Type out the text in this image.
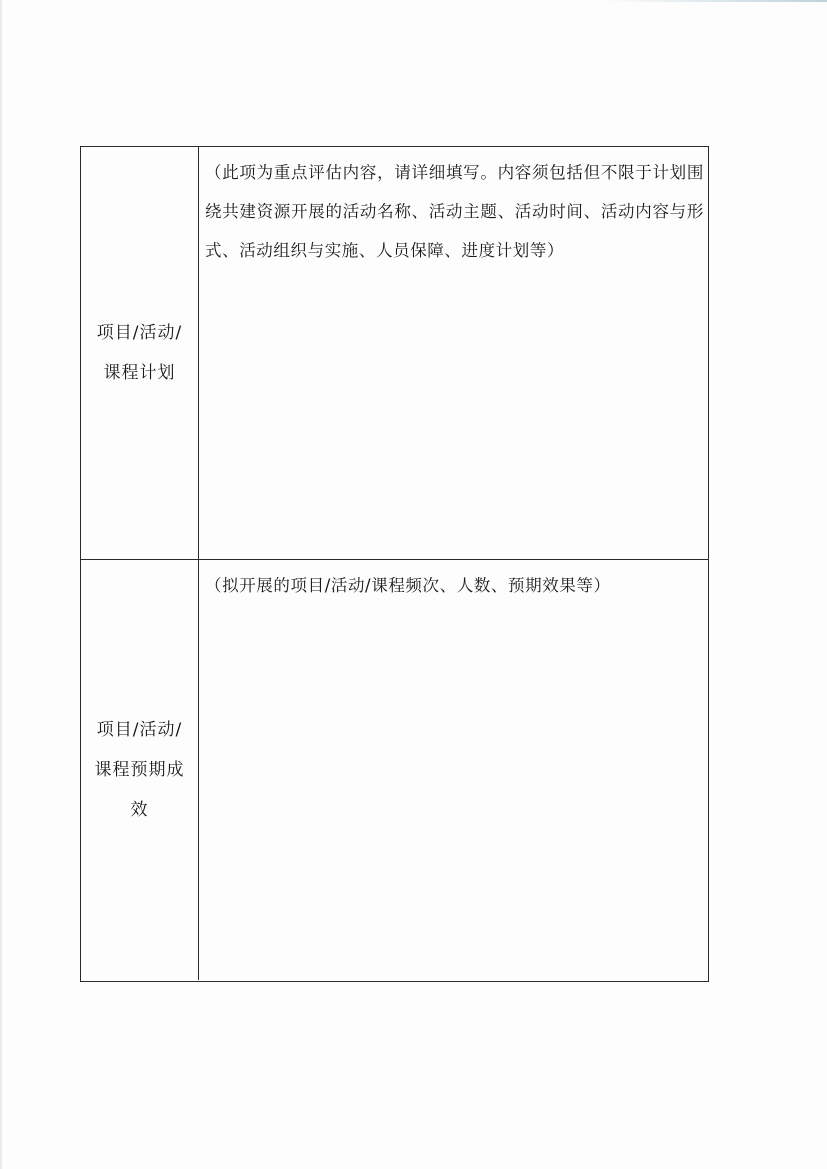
项目/活动/课程计划

（此项为重点评估内容，请详细填写。内容须包括但不限于计划围绕共建资源开展的活动名称、活动主题、活动时间、活动内容与形式、活动组织与实施、人员保障、进度计划等）

项目/活动/课程预期成效

（拟开展的项目/活动/课程频次、人数、预期效果等）
